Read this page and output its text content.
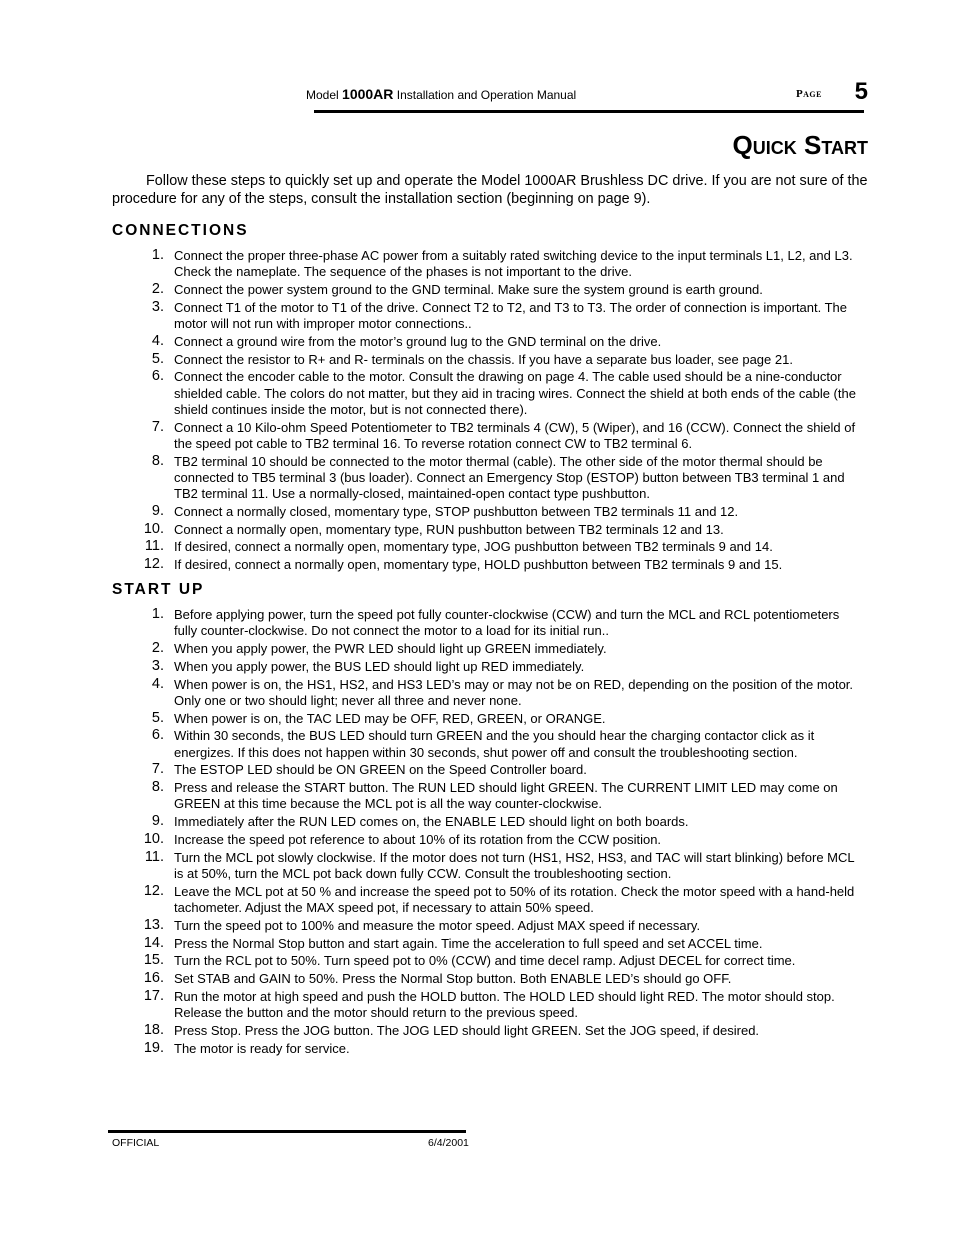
Model 1000AR Installation and Operation Manual	Page 5
Quick Start

Follow these steps to quickly set up and operate the Model 1000AR Brushless DC drive. If you are not sure of the procedure for any of the steps, consult the installation section (beginning on page 9).

CONNECTIONS
1. Connect the proper three-phase AC power from a suitably rated switching device to the input terminals L1, L2, and L3. Check the nameplate. The sequence of the phases is not important to the drive.
2. Connect the power system ground to the GND terminal. Make sure the system ground is earth ground.
3. Connect T1 of the motor to T1 of the drive. Connect T2 to T2, and T3 to T3. The order of connection is important. The motor will not run with improper motor connections..
4. Connect a ground wire from the motor’s ground lug to the GND terminal on the drive.
5. Connect the resistor to R+ and R- terminals on the chassis. If you have a separate bus loader, see page 21.
6. Connect the encoder cable to the motor. Consult the drawing on page 4. The cable used should be a nine-conductor shielded cable. The colors do not matter, but they aid in tracing wires. Connect the shield at both ends of the cable (the shield continues inside the motor, but is not connected there).
7. Connect a 10 Kilo-ohm Speed Potentiometer to TB2 terminals 4 (CW), 5 (Wiper), and 16 (CCW). Connect the shield of the speed pot cable to TB2 terminal 16. To reverse rotation connect CW to TB2 terminal 6.
8. TB2 terminal 10 should be connected to the motor thermal (cable). The other side of the motor thermal should be connected to TB5 terminal 3 (bus loader). Connect an Emergency Stop (ESTOP) button between TB3 terminal 1 and TB2 terminal 11. Use a normally-closed, maintained-open contact type pushbutton.
9. Connect a normally closed, momentary type, STOP pushbutton between TB2 terminals 11 and 12.
10. Connect a normally open, momentary type, RUN pushbutton between TB2 terminals 12 and 13.
11. If desired, connect a normally open, momentary type, JOG pushbutton between TB2 terminals 9 and 14.
12. If desired, connect a normally open, momentary type, HOLD pushbutton between TB2 terminals 9 and 15.
START UP
1. Before applying power, turn the speed pot fully counter-clockwise (CCW) and turn the MCL and RCL potentiometers fully counter-clockwise. Do not connect the motor to a load for its initial run..
2. When you apply power, the PWR LED should light up GREEN immediately.
3. When you apply power, the BUS LED should light up RED immediately.
4. When power is on, the HS1, HS2, and HS3 LED’s may or may not be on RED, depending on the position of the motor. Only one or two should light; never all three and never none.
5. When power is on, the TAC LED may be OFF, RED, GREEN, or ORANGE.
6. Within 30 seconds, the BUS LED should turn GREEN and the you should hear the charging contactor click as it energizes. If this does not happen within 30 seconds, shut power off and consult the troubleshooting section.
7. The ESTOP LED should be ON GREEN on the Speed Controller board.
8. Press and release the START button. The RUN LED should light GREEN. The CURRENT LIMIT LED may come on GREEN at this time because the MCL pot is all the way counter-clockwise.
9. Immediately after the RUN LED comes on, the ENABLE LED should light on both boards.
10. Increase the speed pot reference to about 10% of its rotation from the CCW position.
11. Turn the MCL pot slowly clockwise. If the motor does not turn (HS1, HS2, HS3, and TAC will start blinking) before MCL is at 50%, turn the MCL pot back down fully CCW. Consult the troubleshooting section.
12. Leave the MCL pot at 50 % and increase the speed pot to 50% of its rotation. Check the motor speed with a hand-held tachometer. Adjust the MAX speed pot, if necessary to attain 50% speed.
13. Turn the speed pot to 100% and measure the motor speed. Adjust MAX speed if necessary.
14. Press the Normal Stop button and start again. Time the acceleration to full speed and set ACCEL time.
15. Turn the RCL pot to 50%. Turn speed pot to 0% (CCW) and time decel ramp. Adjust DECEL for correct time.
16. Set STAB and GAIN to 50%. Press the Normal Stop button. Both ENABLE LED’s should go OFF.
17. Run the motor at high speed and push the HOLD button. The HOLD LED should light RED. The motor should stop. Release the button and the motor should return to the previous speed.
18. Press Stop. Press the JOG button. The JOG LED should light GREEN. Set the JOG speed, if desired.
19. The motor is ready for service.
OFFICIAL	6/4/2001
